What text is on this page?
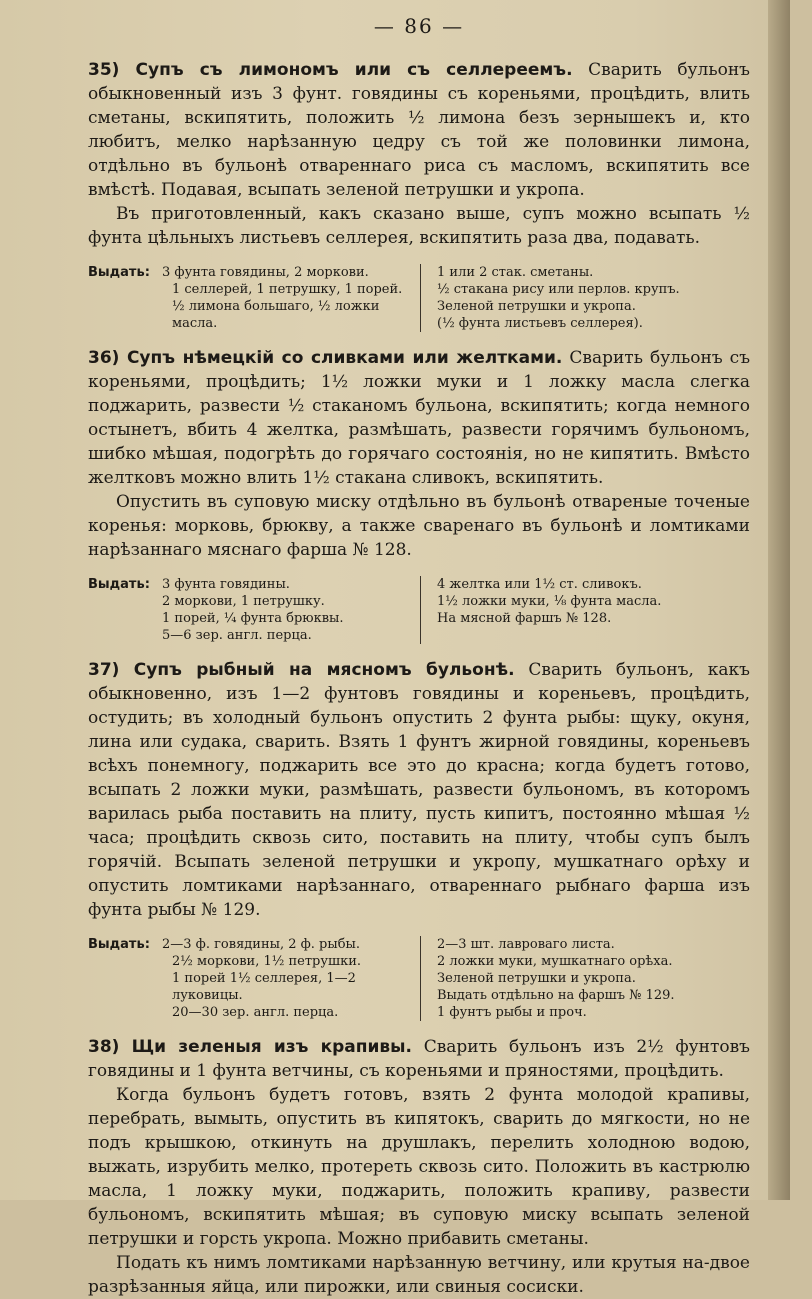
— 86 —

35) Супъ съ лимономъ или съ селлереемъ. Сварить бульонъ обыкновенный изъ 3 фунт. говядины съ кореньями, процѣдить, влить сметаны, вскипятить, положить ½ лимона безъ зернышекъ и, кто любитъ, мелко нарѣзанную цедру съ той же половинки лимона, отдѣльно въ бульонѣ отвареннаго риса съ масломъ, вскипятить все вмѣстѣ. Подавая, всыпать зеленой петрушки и укропа.

Въ приготовленный, какъ сказано выше, супъ можно всыпать ½ фунта цѣльныхъ листьевъ селлерея, вскипятить раза два, подавать.

Выдать: 3 фунта говядины, 2 моркови.
1 селлерей, 1 петрушку, 1 порей.
½ лимона большаго, ½ ложки
масла.
1 или 2 стак. сметаны.
½ стакана рису или перлов. крупъ.
Зеленой петрушки и укропа.
(½ фунта листьевъ селлерея).

36) Супъ нѣмецкій со сливками или желтками. Сварить бульонъ съ кореньями, процѣдить; 1½ ложки муки и 1 ложку масла слегка поджарить, развести ½ стаканомъ бульона, вскипятить; когда немного остынетъ, вбить 4 желтка, размѣшать, развести горячимъ бульономъ, шибко мѣшая, подогрѣть до горячаго состоянія, но не кипятить. Вмѣсто желтковъ можно влить 1½ стакана сливокъ, вскипятить.

Опустить въ суповую миску отдѣльно въ бульонѣ отвареные точеные коренья: морковь, брюкву, а также сваренаго въ бульонѣ и ломтиками нарѣзаннаго мяснаго фарша № 128.

Выдать: 3 фунта говядины.
2 моркови, 1 петрушку.
1 порей, ¼ фунта брюквы.
5—6 зер. англ. перца.
4 желтка или 1½ ст. сливокъ.
1½ ложки муки, ⅛ фунта масла.
На мясной фаршъ № 128.

37) Супъ рыбный на мясномъ бульонѣ. Сварить бульонъ, какъ обыкновенно, изъ 1—2 фунтовъ говядины и кореньевъ, процѣдить, остудить; въ холодный бульонъ опустить 2 фунта рыбы: щуку, окуня, лина или судака, сварить. Взять 1 фунтъ жирной говядины, кореньевъ всѣхъ понемногу, поджарить все это до красна; когда будетъ готово, всыпать 2 ложки муки, размѣшать, развести бульономъ, въ которомъ варилась рыба поставить на плиту, пусть кипитъ, постоянно мѣшая ½ часа; процѣдить сквозь сито, поставить на плиту, чтобы супъ былъ горячій. Всыпать зеленой петрушки и укропу, мушкатнаго орѣху и опустить ломтиками нарѣзаннаго, отвареннаго рыбнаго фарша изъ фунта рыбы № 129.

Выдать: 2—3 ф. говядины, 2 ф. рыбы.
2½ моркови, 1½ петрушки.
1 порей 1½ селлерея, 1—2 луковицы.
20—30 зер. англ. перца.
2—3 шт. лавроваго листа.
2 ложки муки, мушкатнаго орѣха.
Зеленой петрушки и укропа.
Выдать отдѣльно на фаршъ № 129.
1 фунтъ рыбы и проч.

38) Щи зеленыя изъ крапивы. Сварить бульонъ изъ 2½ фунтовъ говядины и 1 фунта ветчины, съ кореньями и пряностями, процѣдить.

Когда бульонъ будетъ готовъ, взять 2 фунта молодой крапивы, перебрать, вымыть, опустить въ кипятокъ, сварить до мягкости, но не подъ крышкою, откинуть на друшлакъ, перелить холодною водою, выжать, изрубить мелко, протереть сквозь сито. Положить въ кастрюлю масла, 1 ложку муки, поджарить, положить крапиву, развести бульономъ, вскипятить мѣшая; въ суповую миску всыпать зеленой петрушки и горсть укропа. Можно прибавить сметаны.

Подать къ нимъ ломтиками нарѣзанную ветчину, или крутыя на-двое разрѣзанныя яйца, или пирожки, или свиныя сосиски.
